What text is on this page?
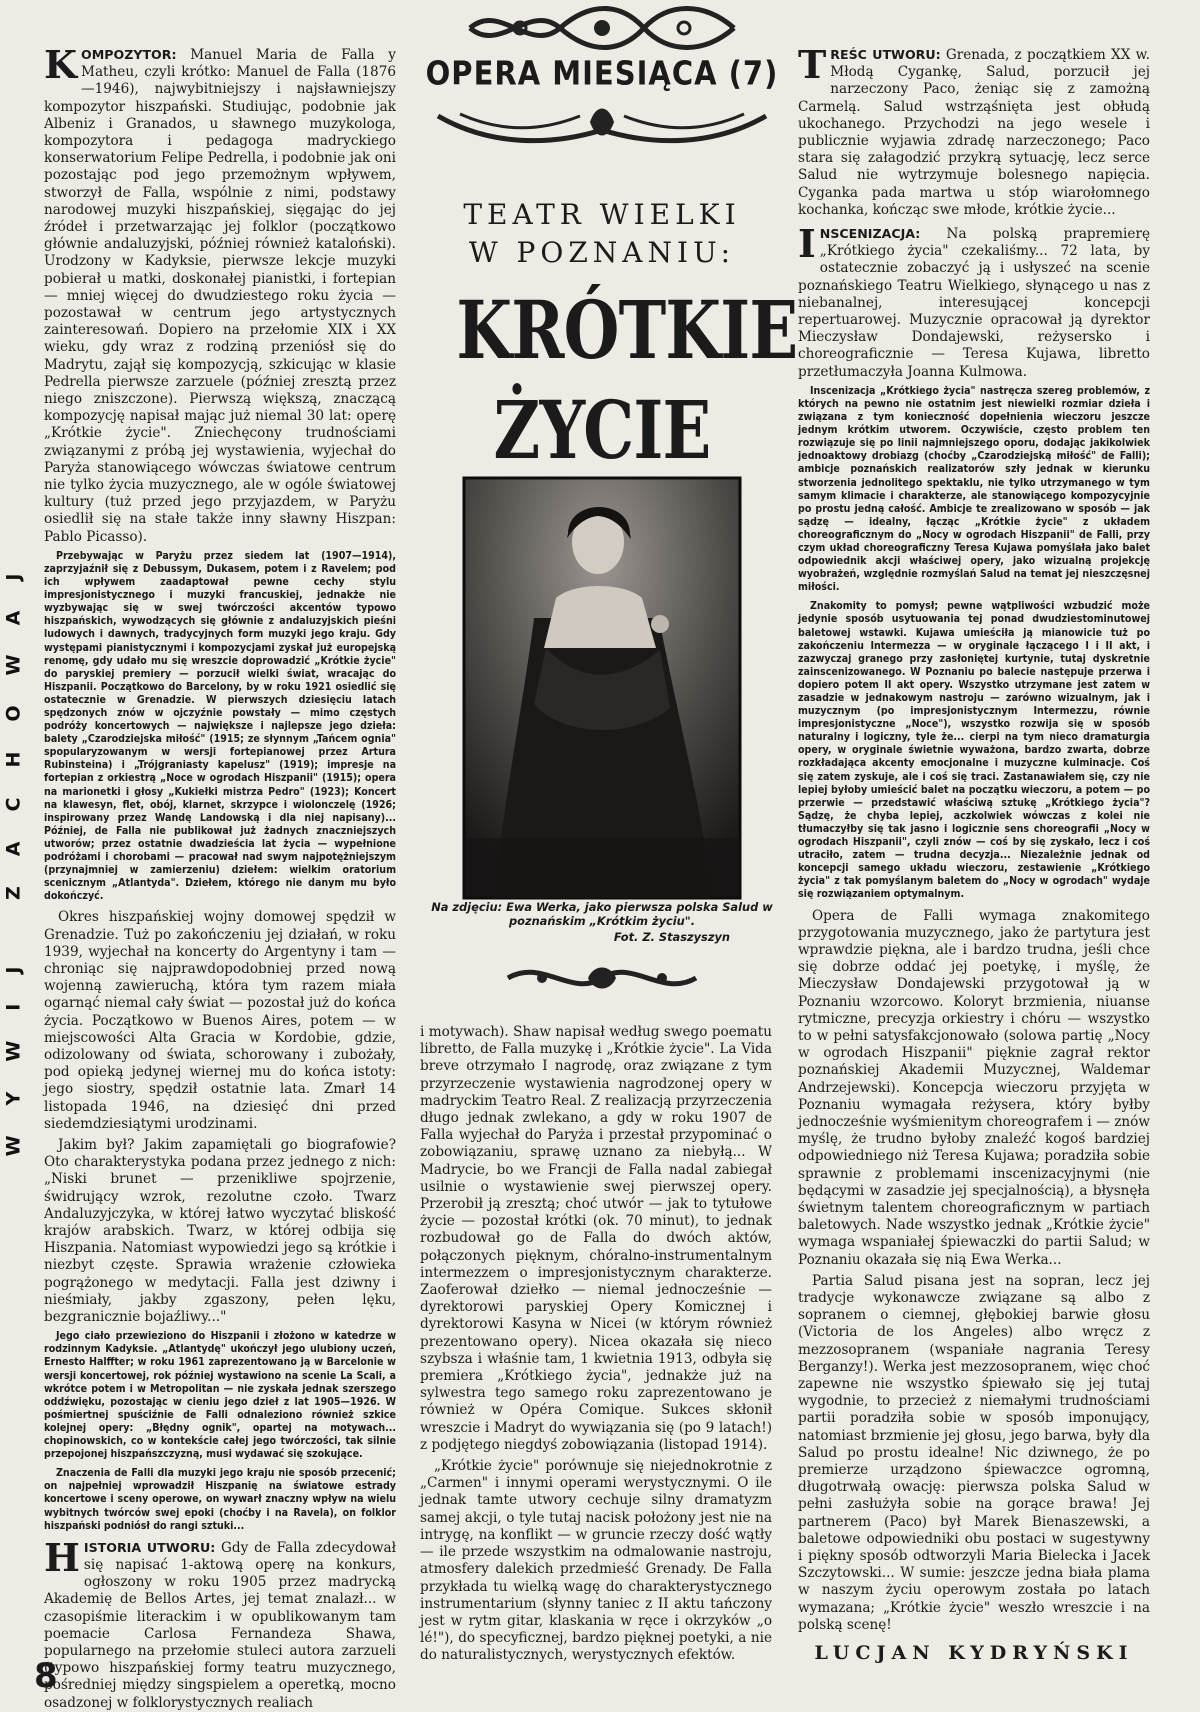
WYWIJ ZACHOWAJ

KOMPOZYTOR: Manuel Maria de Falla y Matheu, czyli krótko: Manuel de Falla (1876—1946), najwybitniejszy i najsławniejszy kompozytor hiszpański. Studiując, podobnie jak Albeniz i Granados, u sławnego muzykologa, kompozytora i pedagoga madryckiego konserwatorium Felipe Pedrella, i podobnie jak oni pozostając pod jego przemożnym wpływem, stworzył de Falla, wspólnie z nimi, podstawy narodowej muzyki hiszpańskiej, sięgając do jej źródeł i przetwarzając jej folklor (początkowo głównie andaluzyjski, później również kataloński). Urodzony w Kadyksie, pierwsze lekcje muzyki pobierał u matki, doskonałej pianistki, i fortepian — mniej więcej do dwudziestego roku życia — pozostawał w centrum jego artystycznych zainteresowań. Dopiero na przełomie XIX i XX wieku, gdy wraz z rodziną przeniósł się do Madrytu, zajął się kompozycją, szkicując w klasie Pedrella pierwsze zarzuele (później zresztą przez niego zniszczone). Pierwszą większą, znaczącą kompozycję napisał mając już niemal 30 lat: operę „Krótkie życie". Zniechęcony trudnościami związanymi z próbą jej wystawienia, wyjechał do Paryża stanowiącego wówczas światowe centrum nie tylko życia muzycznego, ale w ogóle światowej kultury (tuż przed jego przyjazdem, w Paryżu osiedlił się na stałe także inny sławny Hiszpan: Pablo Picasso).

Przebywając w Paryżu przez siedem lat (1907—1914), zaprzyjaźnił się z Debussym, Dukasem, potem i z Ravelem; pod ich wpływem zaadaptował pewne cechy stylu impresjonistycznego i muzyki francuskiej, jednakże nie wyzbywając się w swej twórczości akcentów typowo hiszpańskich, wywodzących się głównie z andaluzyjskich pieśni ludowych i dawnych, tradycyjnych form muzyki jego kraju. Gdy występami pianistycznymi i kompozycjami zyskał już europejską renomę, gdy udało mu się wreszcie doprowadzić „Krótkie życie" do paryskiej premiery — porzucił wielki świat, wracając do Hiszpanii. Początkowo do Barcelony, by w roku 1921 osiedlić się ostatecznie w Grenadzie. W pierwszych dziesięciu latach spędzonych znów w ojczyźnie powstały — mimo częstych podróży koncertowych — największe i najlepsze jego dzieła: balety „Czarodziejska miłość" (1915; ze słynnym „Tańcem ognia" spopularyzowanym w wersji fortepianowej przez Artura Rubinsteina) i „Trójgraniasty kapelusz" (1919); impresje na fortepian z orkiestrą „Noce w ogrodach Hiszpanii" (1915); opera na marionetki i głosy „Kukiełki mistrza Pedro" (1923); Koncert na klawesyn, flet, obój, klarnet, skrzypce i wiolonczelę (1926; inspirowany przez Wandę Landowską i dla niej napisany)... Później, de Falla nie publikował już żadnych znaczniejszych utworów; przez ostatnie dwadzieścia lat życia — wypełnione podróżami i chorobami — pracował nad swym najpotężniejszym (przynajmniej w zamierzeniu) dziełem: wielkim oratorium scenicznym „Atlantyda". Dziełem, którego nie danym mu było dokończyć.

Okres hiszpańskiej wojny domowej spędził w Grenadzie. Tuż po zakończeniu jej działań, w roku 1939, wyjechał na koncerty do Argentyny i tam — chroniąc się najprawdopodobniej przed nową wojenną zawieruchą, która tym razem miała ogarnąć niemal cały świat — pozostał już do końca życia. Początkowo w Buenos Aires, potem — w miejscowości Alta Gracia w Kordobie, gdzie, odizolowany od świata, schorowany i zubożały, pod opieką jedynej wiernej mu do końca istoty: jego siostry, spędził ostatnie lata. Zmarł 14 listopada 1946, na dziesięć dni przed siedemdziesiątymi urodzinami.

Jakim był? Jakim zapamiętali go biografowie? Oto charakterystyka podana przez jednego z nich: „Niski brunet — przenikliwe spojrzenie, świdrujący wzrok, rezolutne czoło. Twarz Andaluzyjczyka, w której łatwo wyczytać bliskość krajów arabskich. Twarz, w której odbija się Hiszpania. Natomiast wypowiedzi jego są krótkie i niezbyt częste. Sprawia wrażenie człowieka pogrążonego w medytacji. Falla jest dziwny i nieśmiały, jakby zgaszony, pełen lęku, bezgranicznie bojaźliwy..."

Jego ciało przewieziono do Hiszpanii i złożono w katedrze w rodzinnym Kadyksie. „Atlantydę" ukończył jego ulubiony uczeń, Ernesto Halffter; w roku 1961 zaprezentowano ją w Barcelonie w wersji koncertowej, rok później wystawiono na scenie La Scali, a wkrótce potem i w Metropolitan — nie zyskała jednak szerszego oddźwięku, pozostając w cieniu jego dzieł z lat 1905—1926. W pośmiertnej spuściźnie de Falli odnaleziono również szkice kolejnej opery: „Błędny ognik", opartej na motywach... chopinowskich, co w kontekście całej jego twórczości, tak silnie przepojonej hiszpańszczyzną, musi wydawać się szokujące.

Znaczenia de Falli dla muzyki jego kraju nie sposób przecenić; on najpełniej wprowadził Hiszpanię na światowe estrady koncertowe i sceny operowe, on wywarł znaczny wpływ na wielu wybitnych twórców swej epoki (choćby i na Ravela), on folklor hiszpański podniósł do rangi sztuki...

HISTORIA UTWORU: Gdy de Falla zdecydował się napisać 1-aktową operę na konkurs, ogłoszony w roku 1905 przez madrycką Akademię de Bellos Artes, jej temat znalazł... w czasopiśmie literackim i w opublikowanym tam poemacie Carlosa Fernandeza Shawa, popularnego na przełomie stuleci autora zarzueli (typowo hiszpańskiej formy teatru muzycznego, pośredniej między singspielem a operetką, mocno osadzonej w folklorystycznych realiach

OPERA MIESIĄCA (7)
TEATR WIELKI
W POZNANIU:
KRÓTKIE
ŻYCIE
Na zdjęciu: Ewa Werka, jako pierwsza polska Salud w poznańskim „Krótkim życiu".
Fot. Z. Staszyszyn

i motywach). Shaw napisał według swego poematu libretto, de Falla muzykę i „Krótkie życie". La Vida breve otrzymało I nagrodę, oraz związane z tym przyrzeczenie wystawienia nagrodzonej opery w madryckim Teatro Real. Z realizacją przyrzeczenia długo jednak zwlekano, a gdy w roku 1907 de Falla wyjechał do Paryża i przestał przypominać o zobowiązaniu, sprawę uznano za niebyłą... W Madrycie, bo we Francji de Falla nadal zabiegał usilnie o wystawienie swej pierwszej opery. Przerobił ją zresztą; choć utwór — jak to tytułowe życie — pozostał krótki (ok. 70 minut), to jednak rozbudował go de Falla do dwóch aktów, połączonych pięknym, chóralno-instrumentalnym intermezzem o impresjonistycznym charakterze. Zaoferował dziełko — niemal jednocześnie — dyrektorowi paryskiej Opery Komicznej i dyrektorowi Kasyna w Nicei (w którym również prezentowano opery). Nicea okazała się nieco szybsza i właśnie tam, 1 kwietnia 1913, odbyła się premiera „Krótkiego życia", jednakże już na sylwestra tego samego roku zaprezentowano je również w Opéra Comique. Sukces skłonił wreszcie i Madryt do wywiązania się (po 9 latach!) z podjętego niegdyś zobowiązania (listopad 1914).

„Krótkie życie" porównuje się niejednokrotnie z „Carmen" i innymi operami werystycznymi. O ile jednak tamte utwory cechuje silny dramatyzm samej akcji, o tyle tutaj nacisk położony jest nie na intrygę, na konflikt — w gruncie rzeczy dość wątły — ile przede wszystkim na odmalowanie nastroju, atmosfery dalekich przedmieść Grenady. De Falla przykłada tu wielką wagę do charakterystycznego instrumentarium (słynny taniec z II aktu tańczony jest w rytm gitar, klaskania w ręce i okrzyków „o lé!"), do specyficznej, bardzo pięknej poetyki, a nie do naturalistycznych, werystycznych efektów.

TREŚC UTWORU: Grenada, z początkiem XX w. Młodą Cygankę, Salud, porzucił jej narzeczony Paco, żeniąc się z zamożną Carmelą. Salud wstrząśnięta jest obłudą ukochanego. Przychodzi na jego wesele i publicznie wyjawia zdradę narzeczonego; Paco stara się załagodzić przykrą sytuację, lecz serce Salud nie wytrzymuje bolesnego napięcia. Cyganka pada martwa u stóp wiarołomnego kochanka, kończąc swe młode, krótkie życie...

INSCENIZACJA: Na polską prapremierę „Krótkiego życia" czekaliśmy... 72 lata, by ostatecznie zobaczyć ją i usłyszeć na scenie poznańskiego Teatru Wielkiego, słynącego u nas z niebanalnej, interesującej koncepcji repertuarowej. Muzycznie opracował ją dyrektor Mieczysław Dondajewski, reżysersko i choreograficznie — Teresa Kujawa, libretto przetłumaczyła Joanna Kulmowa.

Inscenizacja „Krótkiego życia" nastręcza szereg problemów, z których na pewno nie ostatnim jest niewielki rozmiar dzieła i związana z tym konieczność dopełnienia wieczoru jeszcze jednym krótkim utworem. Oczywiście, często problem ten rozwiązuje się po linii najmniejszego oporu, dodając jakikolwiek jednoaktowy drobiazg (choćby „Czarodziejską miłość" de Falli); ambicje poznańskich realizatorów szły jednak w kierunku stworzenia jednolitego spektaklu, nie tylko utrzymanego w tym samym klimacie i charakterze, ale stanowiącego kompozycyjnie po prostu jedną całość. Ambicje te zrealizowano w sposób — jak sądzę — idealny, łącząc „Krótkie życie" z układem choreograficznym do „Nocy w ogrodach Hiszpanii" de Falli, przy czym układ choreograficzny Teresa Kujawa pomyślała jako balet odpowiednik akcji właściwej opery, jako wizualną projekcję wyobrażeń, względnie rozmyślań Salud na temat jej nieszczęsnej miłości.

Znakomity to pomysł; pewne wątpliwości wzbudzić może jedynie sposób usytuowania tej ponad dwudziestominutowej baletowej wstawki. Kujawa umieściła ją mianowicie tuż po zakończeniu Intermezza — w oryginale łączącego I i II akt, i zazwyczaj granego przy zasłoniętej kurtynie, tutaj dyskretnie zainscenizowanego. W Poznaniu po balecie następuje przerwa i dopiero potem II akt opery. Wszystko utrzymane jest zatem w zasadzie w jednakowym nastroju — zarówno wizualnym, jak i muzycznym (po impresjonistycznym Intermezzu, równie impresjonistyczne „Noce"), wszystko rozwija się w sposób naturalny i logiczny, tyle że... cierpi na tym nieco dramaturgia opery, w oryginale świetnie wyważona, bardzo zwarta, dobrze rozkładająca akcenty emocjonalne i muzyczne kulminacje. Coś się zatem zyskuje, ale i coś się traci. Zastanawiałem się, czy nie lepiej byłoby umieścić balet na początku wieczoru, a potem — po przerwie — przedstawić właściwą sztukę „Krótkiego życia"? Sądzę, że chyba lepiej, aczkolwiek wówczas z kolei nie tłumaczyłby się tak jasno i logicznie sens choreografii „Nocy w ogrodach Hiszpanii", czyli znów — coś by się zyskało, lecz i coś utraciło, zatem — trudna decyzja... Niezależnie jednak od koncepcji samego układu wieczoru, zestawienie „Krótkiego życia" z tak pomyślanym baletem do „Nocy w ogrodach" wydaje się rozwiązaniem optymalnym.

Opera de Falli wymaga znakomitego przygotowania muzycznego, jako że partytura jest wprawdzie piękna, ale i bardzo trudna, jeśli chce się dobrze oddać jej poetykę, i myślę, że Mieczysław Dondajewski przygotował ją w Poznaniu wzorcowo. Koloryt brzmienia, niuanse rytmiczne, precyzja orkiestry i chóru — wszystko to w pełni satysfakcjonowało (solowa partię „Nocy w ogrodach Hiszpanii" pięknie zagrał rektor poznańskiej Akademii Muzycznej, Waldemar Andrzejewski). Koncepcja wieczoru przyjęta w Poznaniu wymagała reżysera, który byłby jednocześnie wyśmienitym choreografem i — znów myślę, że trudno byłoby znaleźć kogoś bardziej odpowiedniego niż Teresa Kujawa; poradziła sobie sprawnie z problemami inscenizacyjnymi (nie będącymi w zasadzie jej specjalnością), a błysnęła świetnym talentem choreograficznym w partiach baletowych. Nade wszystko jednak „Krótkie życie" wymaga wspaniałej śpiewaczki do partii Salud; w Poznaniu okazała się nią Ewa Werka...

Partia Salud pisana jest na sopran, lecz jej tradycje wykonawcze związane są albo z sopranem o ciemnej, głębokiej barwie głosu (Victoria de los Angeles) albo wręcz z mezzosopranem (wspaniałe nagrania Teresy Berganzy!). Werka jest mezzosopranem, więc choć zapewne nie wszystko śpiewało się jej tutaj wygodnie, to przecież z niemałymi trudnościami partii poradziła sobie w sposób imponujący, natomiast brzmienie jej głosu, jego barwa, były dla Salud po prostu idealne! Nic dziwnego, że po premierze urządzono śpiewaczce ogromną, długotrwałą owację: pierwsza polska Salud w pełni zasłużyła sobie na gorące brawa! Jej partnerem (Paco) był Marek Bienaszewski, a baletowe odpowiedniki obu postaci w sugestywny i piękny sposób odtworzyli Maria Bielecka i Jacek Szczytowski... W sumie: jeszcze jedna biała plama w naszym życiu operowym została po latach wymazana; „Krótkie życie" weszło wreszcie i na polską scenę!

LUCJAN KYDRYŃSKI
8
